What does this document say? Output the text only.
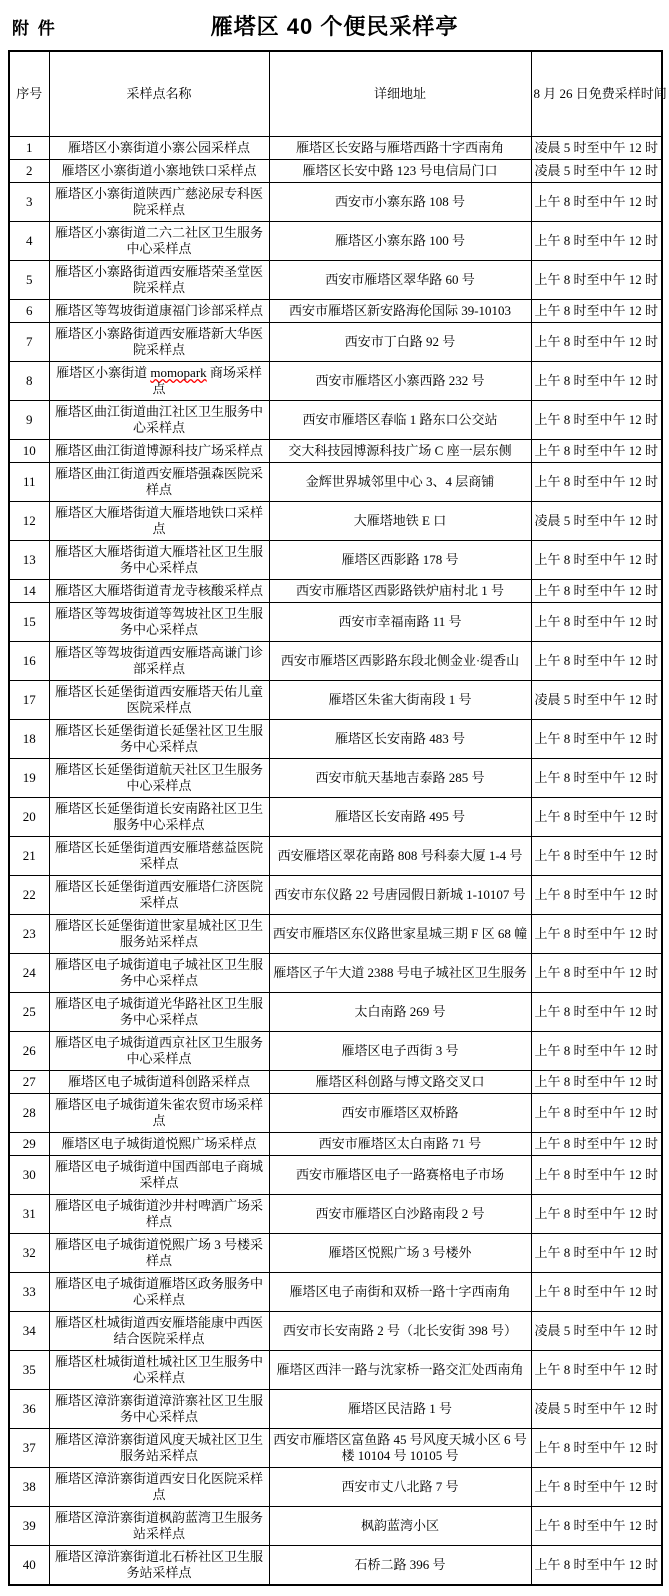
附 件	雁塔区 40 个便民采样亭
序号	采样点名称	详细地址	8 月 26 日免费采样时间
1	雁塔区小寨街道小寨公园采样点	雁塔区长安路与雁塔西路十字西南角	凌晨 5 时至中午 12 时
2	雁塔区小寨街道小寨地铁口采样点	雁塔区长安中路 123 号电信局门口	凌晨 5 时至中午 12 时
3	雁塔区小寨街道陕西广慈泌尿专科医院采样点	西安市小寨东路 108 号	上午 8 时至中午 12 时
4	雁塔区小寨街道二六二社区卫生服务中心采样点	雁塔区小寨东路 100 号	上午 8 时至中午 12 时
5	雁塔区小寨路街道西安雁塔荣圣堂医院采样点	西安市雁塔区翠华路 60 号	上午 8 时至中午 12 时
6	雁塔区等驾坡街道康福门诊部采样点	西安市雁塔区新安路海伦国际 39-10103	上午 8 时至中午 12 时
7	雁塔区小寨路街道西安雁塔新大华医院采样点	西安市丁白路 92 号	上午 8 时至中午 12 时
8	雁塔区小寨街道 momopark 商场采样点	西安市雁塔区小寨西路 232 号	上午 8 时至中午 12 时
9	雁塔区曲江街道曲江社区卫生服务中心采样点	西安市雁塔区春临 1 路东口公交站	上午 8 时至中午 12 时
10	雁塔区曲江街道博源科技广场采样点	交大科技园博源科技广场 C 座一层东侧	上午 8 时至中午 12 时
11	雁塔区曲江街道西安雁塔强森医院采样点	金辉世界城邻里中心 3、4 层商铺	上午 8 时至中午 12 时
12	雁塔区大雁塔街道大雁塔地铁口采样点	大雁塔地铁 E 口	凌晨 5 时至中午 12 时
13	雁塔区大雁塔街道大雁塔社区卫生服务中心采样点	雁塔区西影路 178 号	上午 8 时至中午 12 时
14	雁塔区大雁塔街道青龙寺核酸采样点	西安市雁塔区西影路铁炉庙村北 1 号	上午 8 时至中午 12 时
15	雁塔区等驾坡街道等驾坡社区卫生服务中心采样点	西安市幸福南路 11 号	上午 8 时至中午 12 时
16	雁塔区等驾坡街道西安雁塔高谦门诊部采样点	西安市雁塔区西影路东段北侧金业·缇香山	上午 8 时至中午 12 时
17	雁塔区长延堡街道西安雁塔天佑儿童医院采样点	雁塔区朱雀大街南段 1 号	凌晨 5 时至中午 12 时
18	雁塔区长延堡街道长延堡社区卫生服务中心采样点	雁塔区长安南路 483 号	上午 8 时至中午 12 时
19	雁塔区长延堡街道航天社区卫生服务中心采样点	西安市航天基地吉泰路 285 号	上午 8 时至中午 12 时
20	雁塔区长延堡街道长安南路社区卫生服务中心采样点	雁塔区长安南路 495 号	上午 8 时至中午 12 时
21	雁塔区长延堡街道西安雁塔慈益医院采样点	西安雁塔区翠花南路 808 号科泰大厦 1-4 号	上午 8 时至中午 12 时
22	雁塔区长延堡街道西安雁塔仁济医院采样点	西安市东仪路 22 号唐园假日新城 1-10107 号	上午 8 时至中午 12 时
23	雁塔区长延堡街道世家星城社区卫生服务站采样点	西安市雁塔区东仪路世家星城三期 F 区 68 幢	上午 8 时至中午 12 时
24	雁塔区电子城街道电子城社区卫生服务中心采样点	雁塔区子午大道 2388 号电子城社区卫生服务	上午 8 时至中午 12 时
25	雁塔区电子城街道光华路社区卫生服务中心采样点	太白南路 269 号	上午 8 时至中午 12 时
26	雁塔区电子城街道西京社区卫生服务中心采样点	雁塔区电子西街 3 号	上午 8 时至中午 12 时
27	雁塔区电子城街道科创路采样点	雁塔区科创路与博文路交叉口	上午 8 时至中午 12 时
28	雁塔区电子城街道朱雀农贸市场采样点	西安市雁塔区双桥路	上午 8 时至中午 12 时
29	雁塔区电子城街道悦熙广场采样点	西安市雁塔区太白南路 71 号	上午 8 时至中午 12 时
30	雁塔区电子城街道中国西部电子商城采样点	西安市雁塔区电子一路赛格电子市场	上午 8 时至中午 12 时
31	雁塔区电子城街道沙井村啤酒广场采样点	西安市雁塔区白沙路南段 2 号	上午 8 时至中午 12 时
32	雁塔区电子城街道悦熙广场 3 号楼采样点	雁塔区悦熙广场 3 号楼外	上午 8 时至中午 12 时
33	雁塔区电子城街道雁塔区政务服务中心采样点	雁塔区电子南街和双桥一路十字西南角	上午 8 时至中午 12 时
34	雁塔区杜城街道西安雁塔能康中西医结合医院采样点	西安市长安南路 2 号（北长安街 398 号）	凌晨 5 时至中午 12 时
35	雁塔区杜城街道杜城社区卫生服务中心采样点	雁塔区西沣一路与沈家桥一路交汇处西南角	上午 8 时至中午 12 时
36	雁塔区漳浒寨街道漳浒寨社区卫生服务中心采样点	雁塔区民洁路 1 号	凌晨 5 时至中午 12 时
37	雁塔区漳浒寨街道风度天城社区卫生服务站采样点	西安市雁塔区富鱼路 45 号风度天城小区 6 号楼 10104 号 10105 号	上午 8 时至中午 12 时
38	雁塔区漳浒寨街道西安日化医院采样点	西安市丈八北路 7 号	上午 8 时至中午 12 时
39	雁塔区漳浒寨街道枫韵蓝湾卫生服务站采样点	枫韵蓝湾小区	上午 8 时至中午 12 时
40	雁塔区漳浒寨街道北石桥社区卫生服务站采样点	石桥二路 396 号	上午 8 时至中午 12 时
